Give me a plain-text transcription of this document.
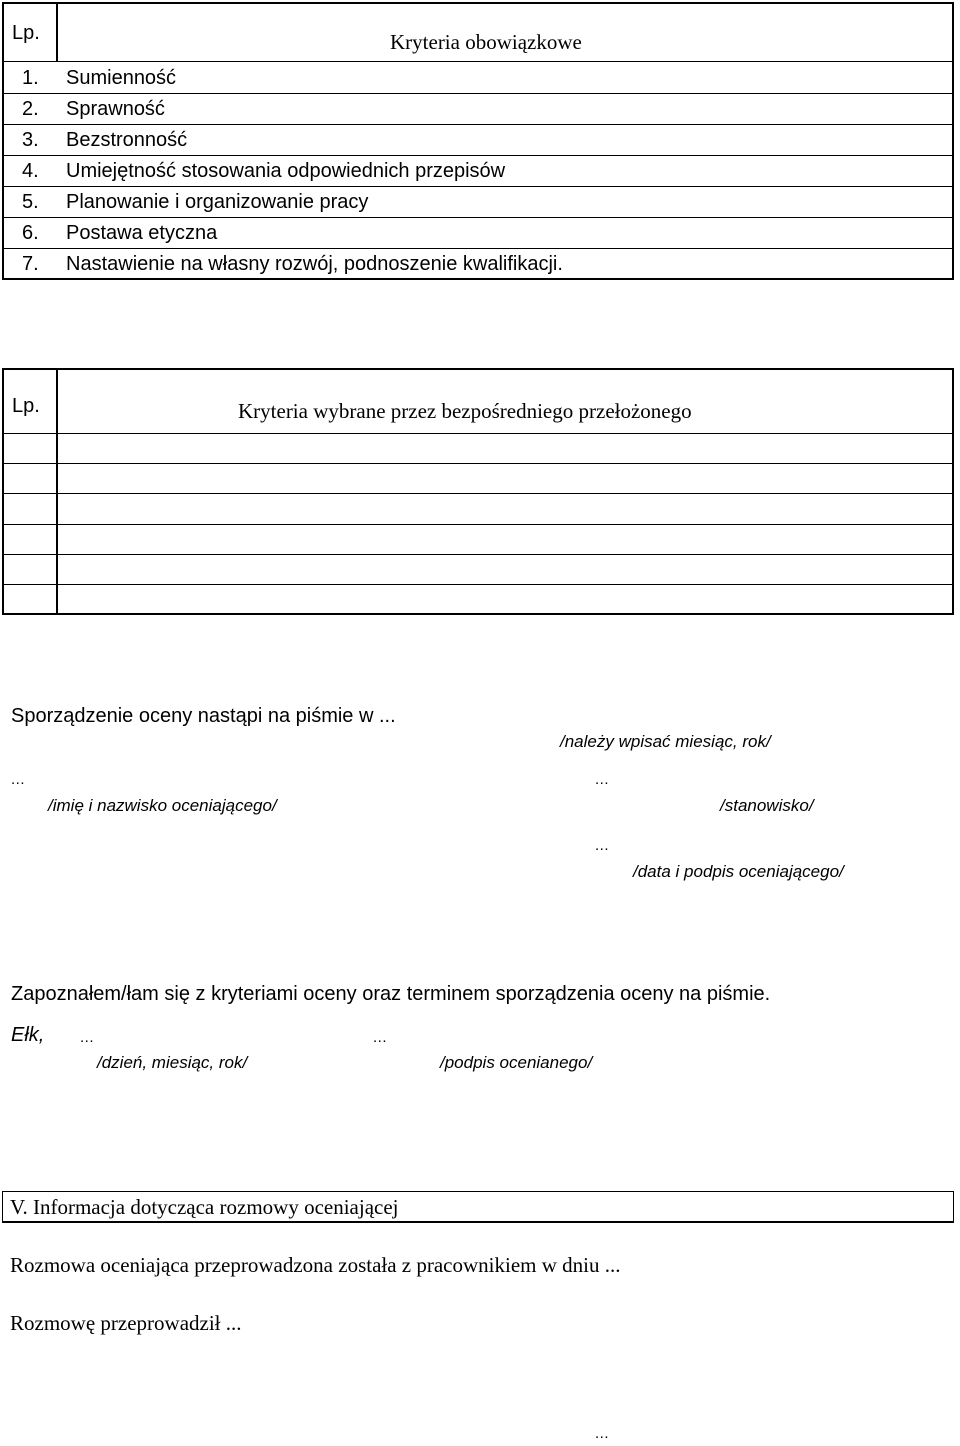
Lp.	Kryteria obowiązkowe
1. Sumienność
2. Sprawność
3. Bezstronność
4. Umiejętność stosowania odpowiednich przepisów
5. Planowanie i organizowanie pracy
6. Postawa etyczna
7. Nastawienie na własny rozwój, podnoszenie kwalifikacji.
Lp.	Kryteria wybrane przez bezpośredniego przełożonego
Sporządzenie oceny nastąpi na piśmie w ...
/należy wpisać miesiąc, rok/
...
/imię i nazwisko oceniającego/
...
/stanowisko/
...
/data i podpis oceniającego/
Zapoznałem/łam się z kryteriami oceny oraz terminem sporządzenia oceny na piśmie.
Ełk, ...
/dzień, miesiąc, rok/
...
/podpis ocenianego/
V. Informacja dotycząca rozmowy oceniającej
Rozmowa oceniająca przeprowadzona została z pracownikiem w dniu ...
Rozmowę przeprowadził ...
...
